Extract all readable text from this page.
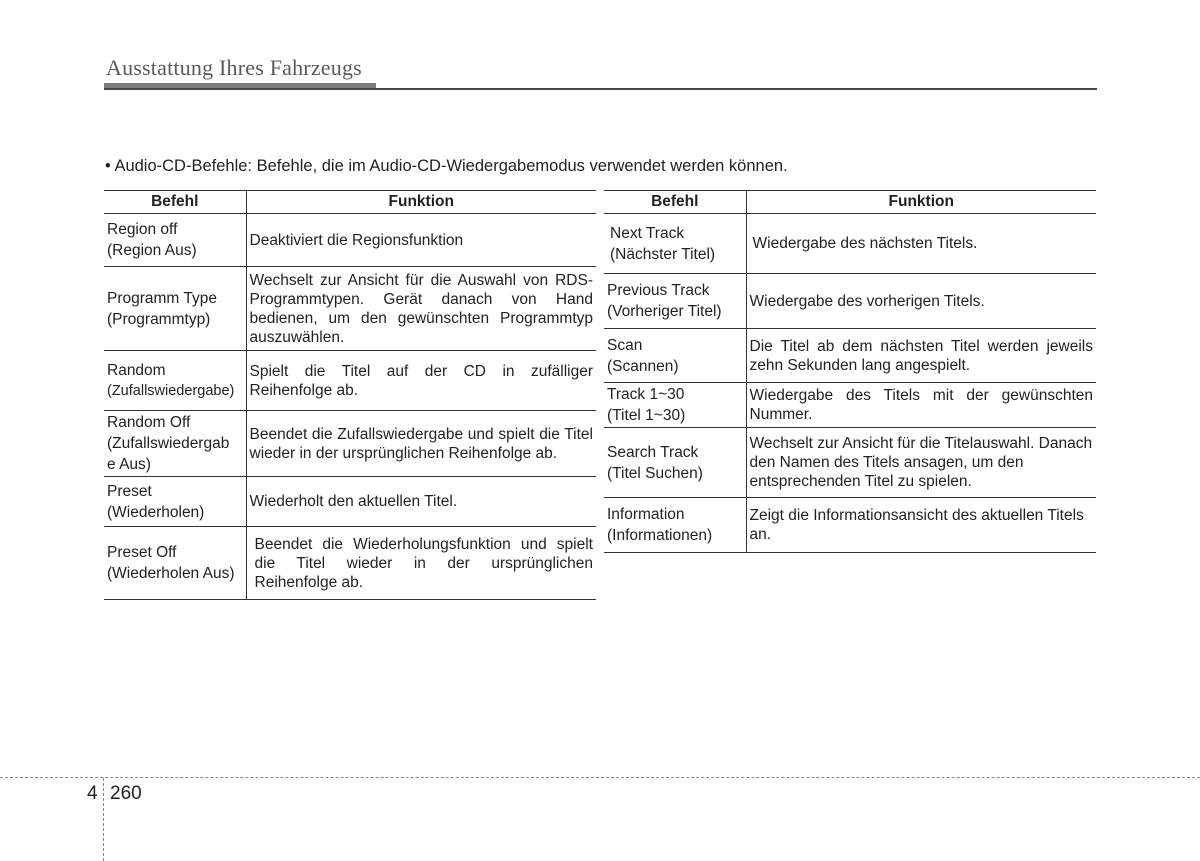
Ausstattung Ihres Fahrzeugs
• Audio-CD-Befehle: Befehle, die im Audio-CD-Wiedergabemodus verwendet werden können.
Befehl	Funktion

Region off
(Region Aus)	Deaktiviert die Regionsfunktion

Programm Type
(Programmtyp)	Wechselt zur Ansicht für die Auswahl von RDS-Programmtypen. Gerät danach von Hand bedienen, um den gewünschten Programmtyp auszuwählen.

Random
(Zufallswiedergabe)	Spielt die Titel auf der CD in zufälliger Reihenfolge ab.

Random Off
(Zufallswiedergab
e Aus)	Beendet die Zufallswiedergabe und spielt die Titel wieder in der ursprünglichen Reihenfolge ab.

Preset
(Wiederholen)	Wiederholt den aktuellen Titel.

Preset Off
(Wiederholen Aus)	Beendet die Wiederholungsfunktion und spielt die Titel wieder in der ursprünglichen Reihenfolge ab.
Befehl	Funktion

Next Track
(Nächster Titel)	Wiedergabe des nächsten Titels.

Previous Track
(Vorheriger Titel)	Wiedergabe des vorherigen Titels.

Scan
(Scannen)	Die Titel ab dem nächsten Titel werden jeweils zehn Sekunden lang angespielt.

Track 1~30
(Titel 1~30)	Wiedergabe des Titels mit der gewünschten Nummer.

Search Track
(Titel Suchen)	Wechselt zur Ansicht für die Titelauswahl. Danach den Namen des Titels ansagen, um den entsprechenden Titel zu spielen.

Information
(Informationen)	Zeigt die Informationsansicht des aktuellen Titels an.
4 260
